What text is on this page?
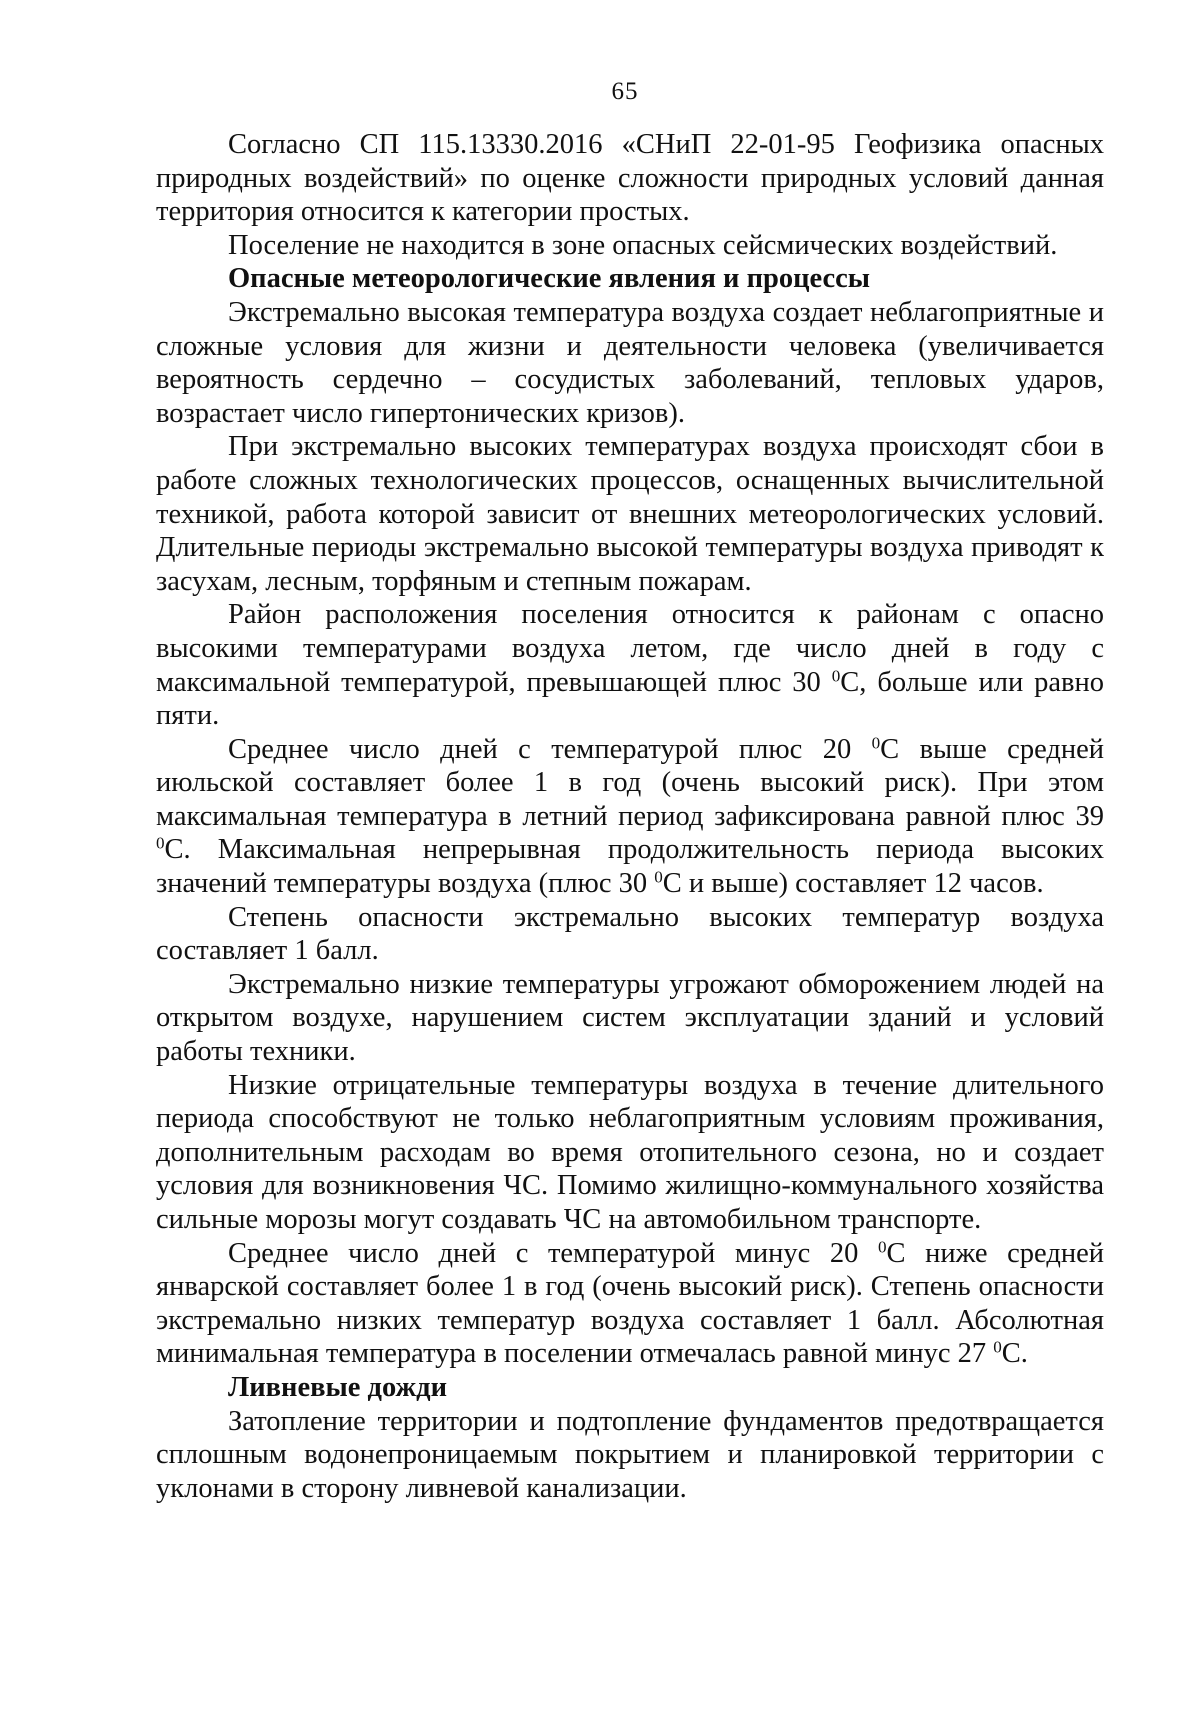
65

Согласно СП 115.13330.2016 «СНиП 22-01-95 Геофизика опасных природных воздействий» по оценке сложности природных условий данная территория относится к категории простых.

Поселение не находится в зоне опасных сейсмических воздействий.

Опасные метеорологические явления и процессы

Экстремально высокая температура воздуха создает неблагоприятные и сложные условия для жизни и деятельности человека (увеличивается вероятность сердечно – сосудистых заболеваний, тепловых ударов, возрастает число гипертонических кризов).

При экстремально высоких температурах воздуха происходят сбои в работе сложных технологических процессов, оснащенных вычислительной техникой, работа которой зависит от внешних метеорологических условий. Длительные периоды экстремально высокой температуры воздуха приводят к засухам, лесным, торфяным и степным пожарам.

Район расположения поселения относится к районам с опасно высокими температурами воздуха летом, где число дней в году с максимальной температурой, превышающей плюс 30 $^0$С, больше или равно пяти.

Среднее число дней с температурой плюс 20 $^0$С выше средней июльской составляет более 1 в год (очень высокий риск). При этом максимальная температура в летний период зафиксирована равной плюс 39 $^0$С. Максимальная непрерывная продолжительность периода высоких значений температуры воздуха (плюс 30 $^0$С и выше) составляет 12 часов.

Степень опасности экстремально высоких температур воздуха составляет 1 балл.

Экстремально низкие температуры угрожают обморожением людей на открытом воздухе, нарушением систем эксплуатации зданий и условий работы техники.

Низкие отрицательные температуры воздуха в течение длительного периода способствуют не только неблагоприятным условиям проживания, дополнительным расходам во время отопительного сезона, но и создает условия для возникновения ЧС. Помимо жилищно-коммунального хозяйства сильные морозы могут создавать ЧС на автомобильном транспорте.

Среднее число дней с температурой минус 20 $^0$С ниже средней январской составляет более 1 в год (очень высокий риск). Степень опасности экстремально низких температур воздуха составляет 1 балл. Абсолютная минимальная температура в поселении отмечалась равной минус 27 $^0$С.

Ливневые дожди

Затопление территории и подтопление фундаментов предотвращается сплошным водонепроницаемым покрытием и планировкой территории с уклонами в сторону ливневой канализации.
